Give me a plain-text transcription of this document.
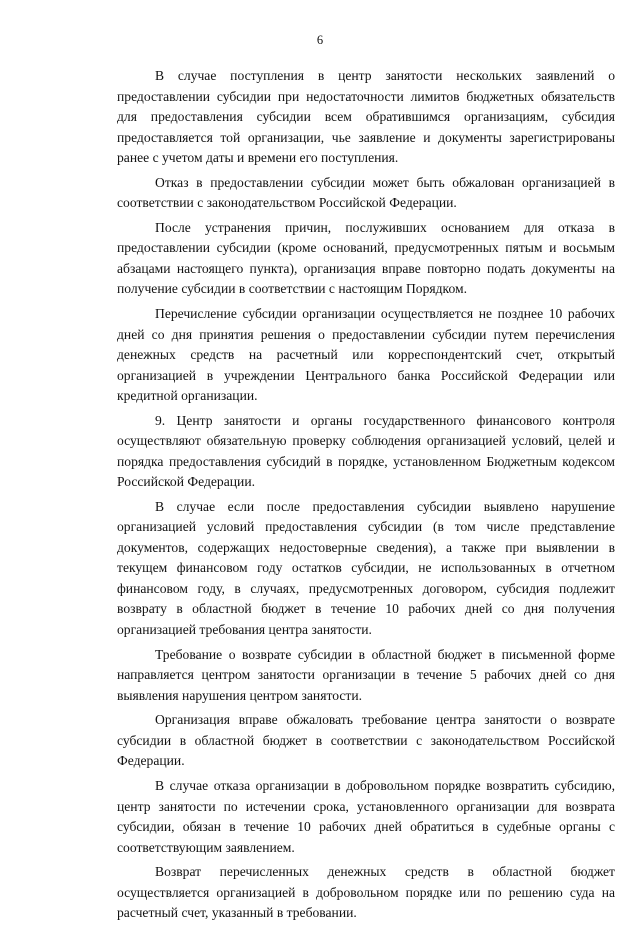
6

В случае поступления в центр занятости нескольких заявлений о предоставлении субсидии при недостаточности лимитов бюджетных обязательств для предоставления субсидии всем обратившимся организациям, субсидия предоставляется той организации, чье заявление и документы зарегистрированы ранее с учетом даты и времени его поступления.

Отказ в предоставлении субсидии может быть обжалован организацией в соответствии с законодательством Российской Федерации.

После устранения причин, послуживших основанием для отказа в предоставлении субсидии (кроме оснований, предусмотренных пятым и восьмым абзацами настоящего пункта), организация вправе повторно подать документы на получение субсидии в соответствии с настоящим Порядком.

Перечисление субсидии организации осуществляется не позднее 10 рабочих дней со дня принятия решения о предоставлении субсидии путем перечисления денежных средств на расчетный или корреспондентский счет, открытый организацией в учреждении Центрального банка Российской Федерации или кредитной организации.

9. Центр занятости и органы государственного финансового контроля осуществляют обязательную проверку соблюдения организацией условий, целей и порядка предоставления субсидий в порядке, установленном Бюджетным кодексом Российской Федерации.

В случае если после предоставления субсидии выявлено нарушение организацией условий предоставления субсидии (в том числе представление документов, содержащих недостоверные сведения), а также при выявлении в текущем финансовом году остатков субсидии, не использованных в отчетном финансовом году, в случаях, предусмотренных договором, субсидия подлежит возврату в областной бюджет в течение 10 рабочих дней со дня получения организацией требования центра занятости.

Требование о возврате субсидии в областной бюджет в письменной форме направляется центром занятости организации в течение 5 рабочих дней со дня выявления нарушения центром занятости.

Организация вправе обжаловать требование центра занятости о возврате субсидии в областной бюджет в соответствии с законодательством Российской Федерации.

В случае отказа организации в добровольном порядке возвратить субсидию, центр занятости по истечении срока, установленного организации для возврата субсидии, обязан в течение 10 рабочих дней обратиться в судебные органы с соответствующим заявлением.

Возврат перечисленных денежных средств в областной бюджет осуществляется организацией в добровольном порядке или по решению суда на расчетный счет, указанный в требовании.
